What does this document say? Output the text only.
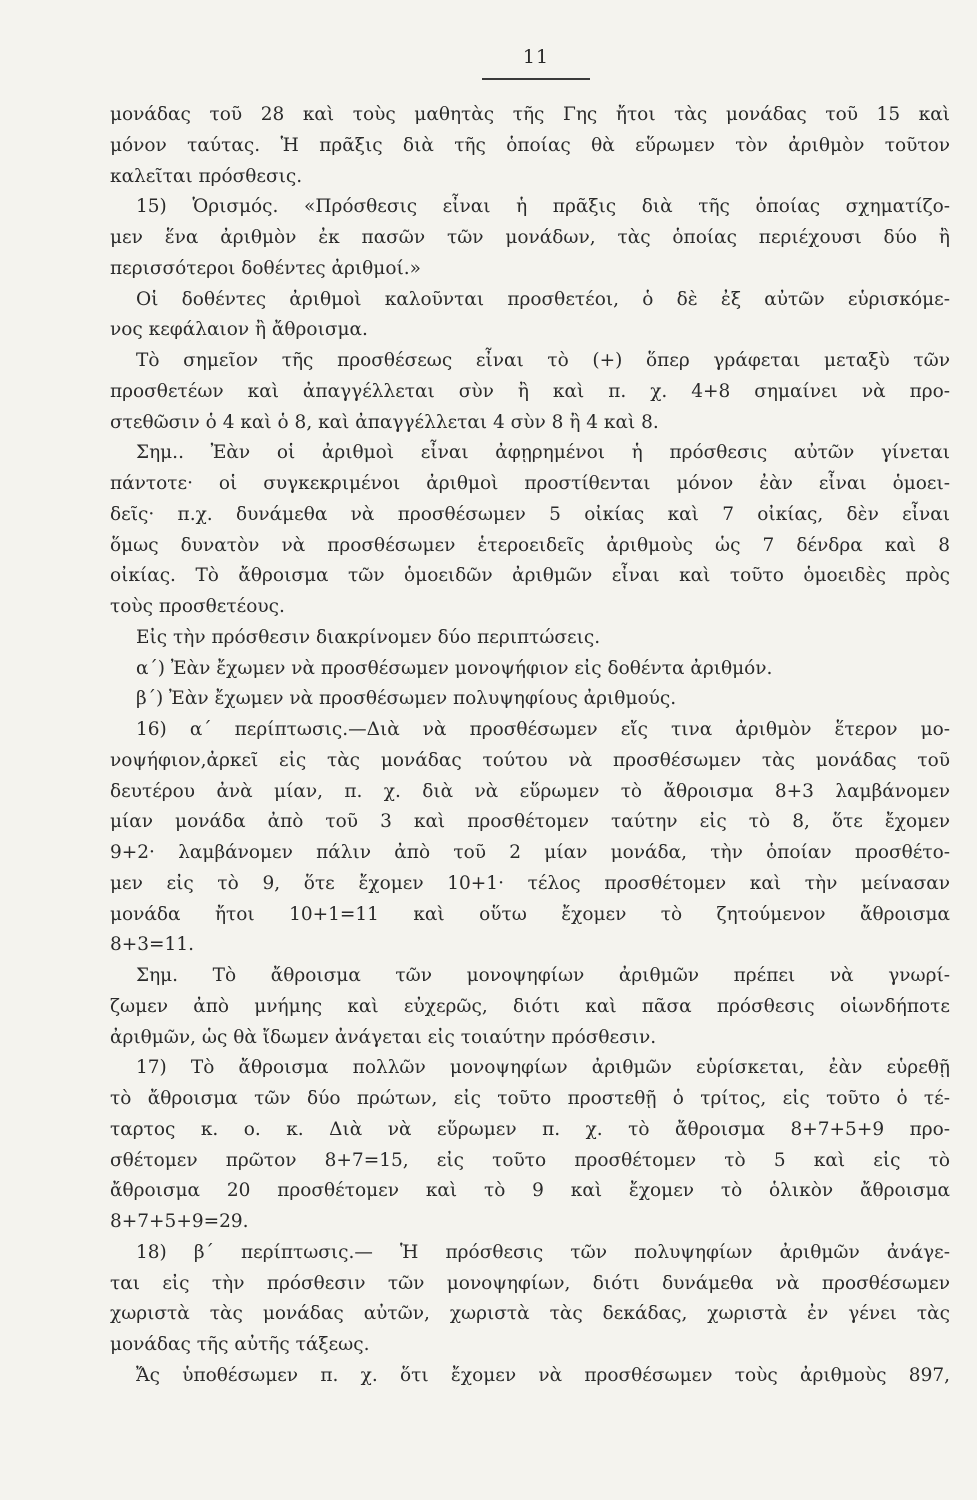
11
μονάδας τοῦ 28 καὶ τοὺς μαθητὰς τῆς Γης ἤτοι τὰς μονάδας τοῦ 15 καὶ
μόνον ταύτας. Ἡ πρᾶξις διὰ τῆς ὁποίας θὰ εὕρωμεν τὸν ἀριθμὸν τοῦτον
καλεῖται πρόσθεσις.
15) Ὁρισμός. «Πρόσθεσις εἶναι ἡ πρᾶξις διὰ τῆς ὁποίας σχηματίζο-
μεν ἕνα ἀριθμὸν ἐκ πασῶν τῶν μονάδων, τὰς ὁποίας περιέχουσι δύο ἢ
περισσότεροι δοθέντες ἀριθμοί.»
Οἱ δοθέντες ἀριθμοὶ καλοῦνται προσθετέοι, ὁ δὲ ἐξ αὐτῶν εὑρισκόμε-
νος κεφάλαιον ἢ ἄθροισμα.
Τὸ σημεῖον τῆς προσθέσεως εἶναι τὸ (+) ὅπερ γράφεται μεταξὺ τῶν
προσθετέων καὶ ἀπαγγέλλεται σὺν ἢ καὶ π. χ. 4+8 σημαίνει νὰ προ-
στεθῶσιν ὁ 4 καὶ ὁ 8, καὶ ἀπαγγέλλεται 4 σὺν 8 ἢ 4 καὶ 8.
Σημ.. Ἐὰν οἱ ἀριθμοὶ εἶναι ἀφῃρημένοι ἡ πρόσθεσις αὐτῶν γίνεται
πάντοτε· οἱ συγκεκριμένοι ἀριθμοὶ προστίθενται μόνον ἐὰν εἶναι ὁμοει-
δεῖς· π.χ. δυνάμεθα νὰ προσθέσωμεν 5 οἰκίας καὶ 7 οἰκίας, δὲν εἶναι
ὅμως δυνατὸν νὰ προσθέσωμεν ἑτεροειδεῖς ἀριθμοὺς ὡς 7 δένδρα καὶ 8
οἰκίας. Τὸ ἄθροισμα τῶν ὁμοειδῶν ἀριθμῶν εἶναι καὶ τοῦτο ὁμοειδὲς πρὸς
τοὺς προσθετέους.
Εἰς τὴν πρόσθεσιν διακρίνομεν δύο περιπτώσεις.
α΄) Ἐὰν ἔχωμεν νὰ προσθέσωμεν μονοψήφιον εἰς δοθέντα ἀριθμόν.
β΄) Ἐὰν ἔχωμεν νὰ προσθέσωμεν πολυψηφίους ἀριθμούς.
16) α΄ περίπτωσις.—Διὰ νὰ προσθέσωμεν εἴς τινα ἀριθμὸν ἕτερον μο-
νοψήφιον,ἀρκεῖ εἰς τὰς μονάδας τούτου νὰ προσθέσωμεν τὰς μονάδας τοῦ
δευτέρου ἀνὰ μίαν, π. χ. διὰ νὰ εὕρωμεν τὸ ἄθροισμα 8+3 λαμβάνομεν
μίαν μονάδα ἀπὸ τοῦ 3 καὶ προσθέτομεν ταύτην εἰς τὸ 8, ὅτε ἔχομεν
9+2· λαμβάνομεν πάλιν ἀπὸ τοῦ 2 μίαν μονάδα, τὴν ὁποίαν προσθέτο-
μεν εἰς τὸ 9, ὅτε ἔχομεν 10+1· τέλος προσθέτομεν καὶ τὴν μείνασαν
μονάδα ἤτοι 10+1=11 καὶ οὕτω ἔχομεν τὸ ζητούμενον ἄθροισμα
8+3=11.
Σημ. Τὸ ἄθροισμα τῶν μονοψηφίων ἀριθμῶν πρέπει νὰ γνωρί-
ζωμεν ἀπὸ μνήμης καὶ εὐχερῶς, διότι καὶ πᾶσα πρόσθεσις οἱωνδήποτε
ἀριθμῶν, ὡς θὰ ἴδωμεν ἀνάγεται εἰς τοιαύτην πρόσθεσιν.
17) Τὸ ἄθροισμα πολλῶν μονοψηφίων ἀριθμῶν εὑρίσκεται, ἐὰν εὑρεθῇ
τὸ ἄθροισμα τῶν δύο πρώτων, εἰς τοῦτο προστεθῇ ὁ τρίτος, εἰς τοῦτο ὁ τέ-
ταρτος κ. ο. κ. Διὰ νὰ εὕρωμεν π. χ. τὸ ἄθροισμα 8+7+5+9 προ-
σθέτομεν πρῶτον 8+7=15, εἰς τοῦτο προσθέτομεν τὸ 5 καὶ εἰς τὸ
ἄθροισμα 20 προσθέτομεν καὶ τὸ 9 καὶ ἔχομεν τὸ ὁλικὸν ἄθροισμα
8+7+5+9=29.
18) β΄ περίπτωσις.— Ἡ πρόσθεσις τῶν πολυψηφίων ἀριθμῶν ἀνάγε-
ται εἰς τὴν πρόσθεσιν τῶν μονοψηφίων, διότι δυνάμεθα νὰ προσθέσωμεν
χωριστὰ τὰς μονάδας αὐτῶν, χωριστὰ τὰς δεκάδας, χωριστὰ ἐν γένει τὰς
μονάδας τῆς αὐτῆς τάξεως.
Ἄς ὑποθέσωμεν π. χ. ὅτι ἔχομεν νὰ προσθέσωμεν τοὺς ἀριθμοὺς 897,
